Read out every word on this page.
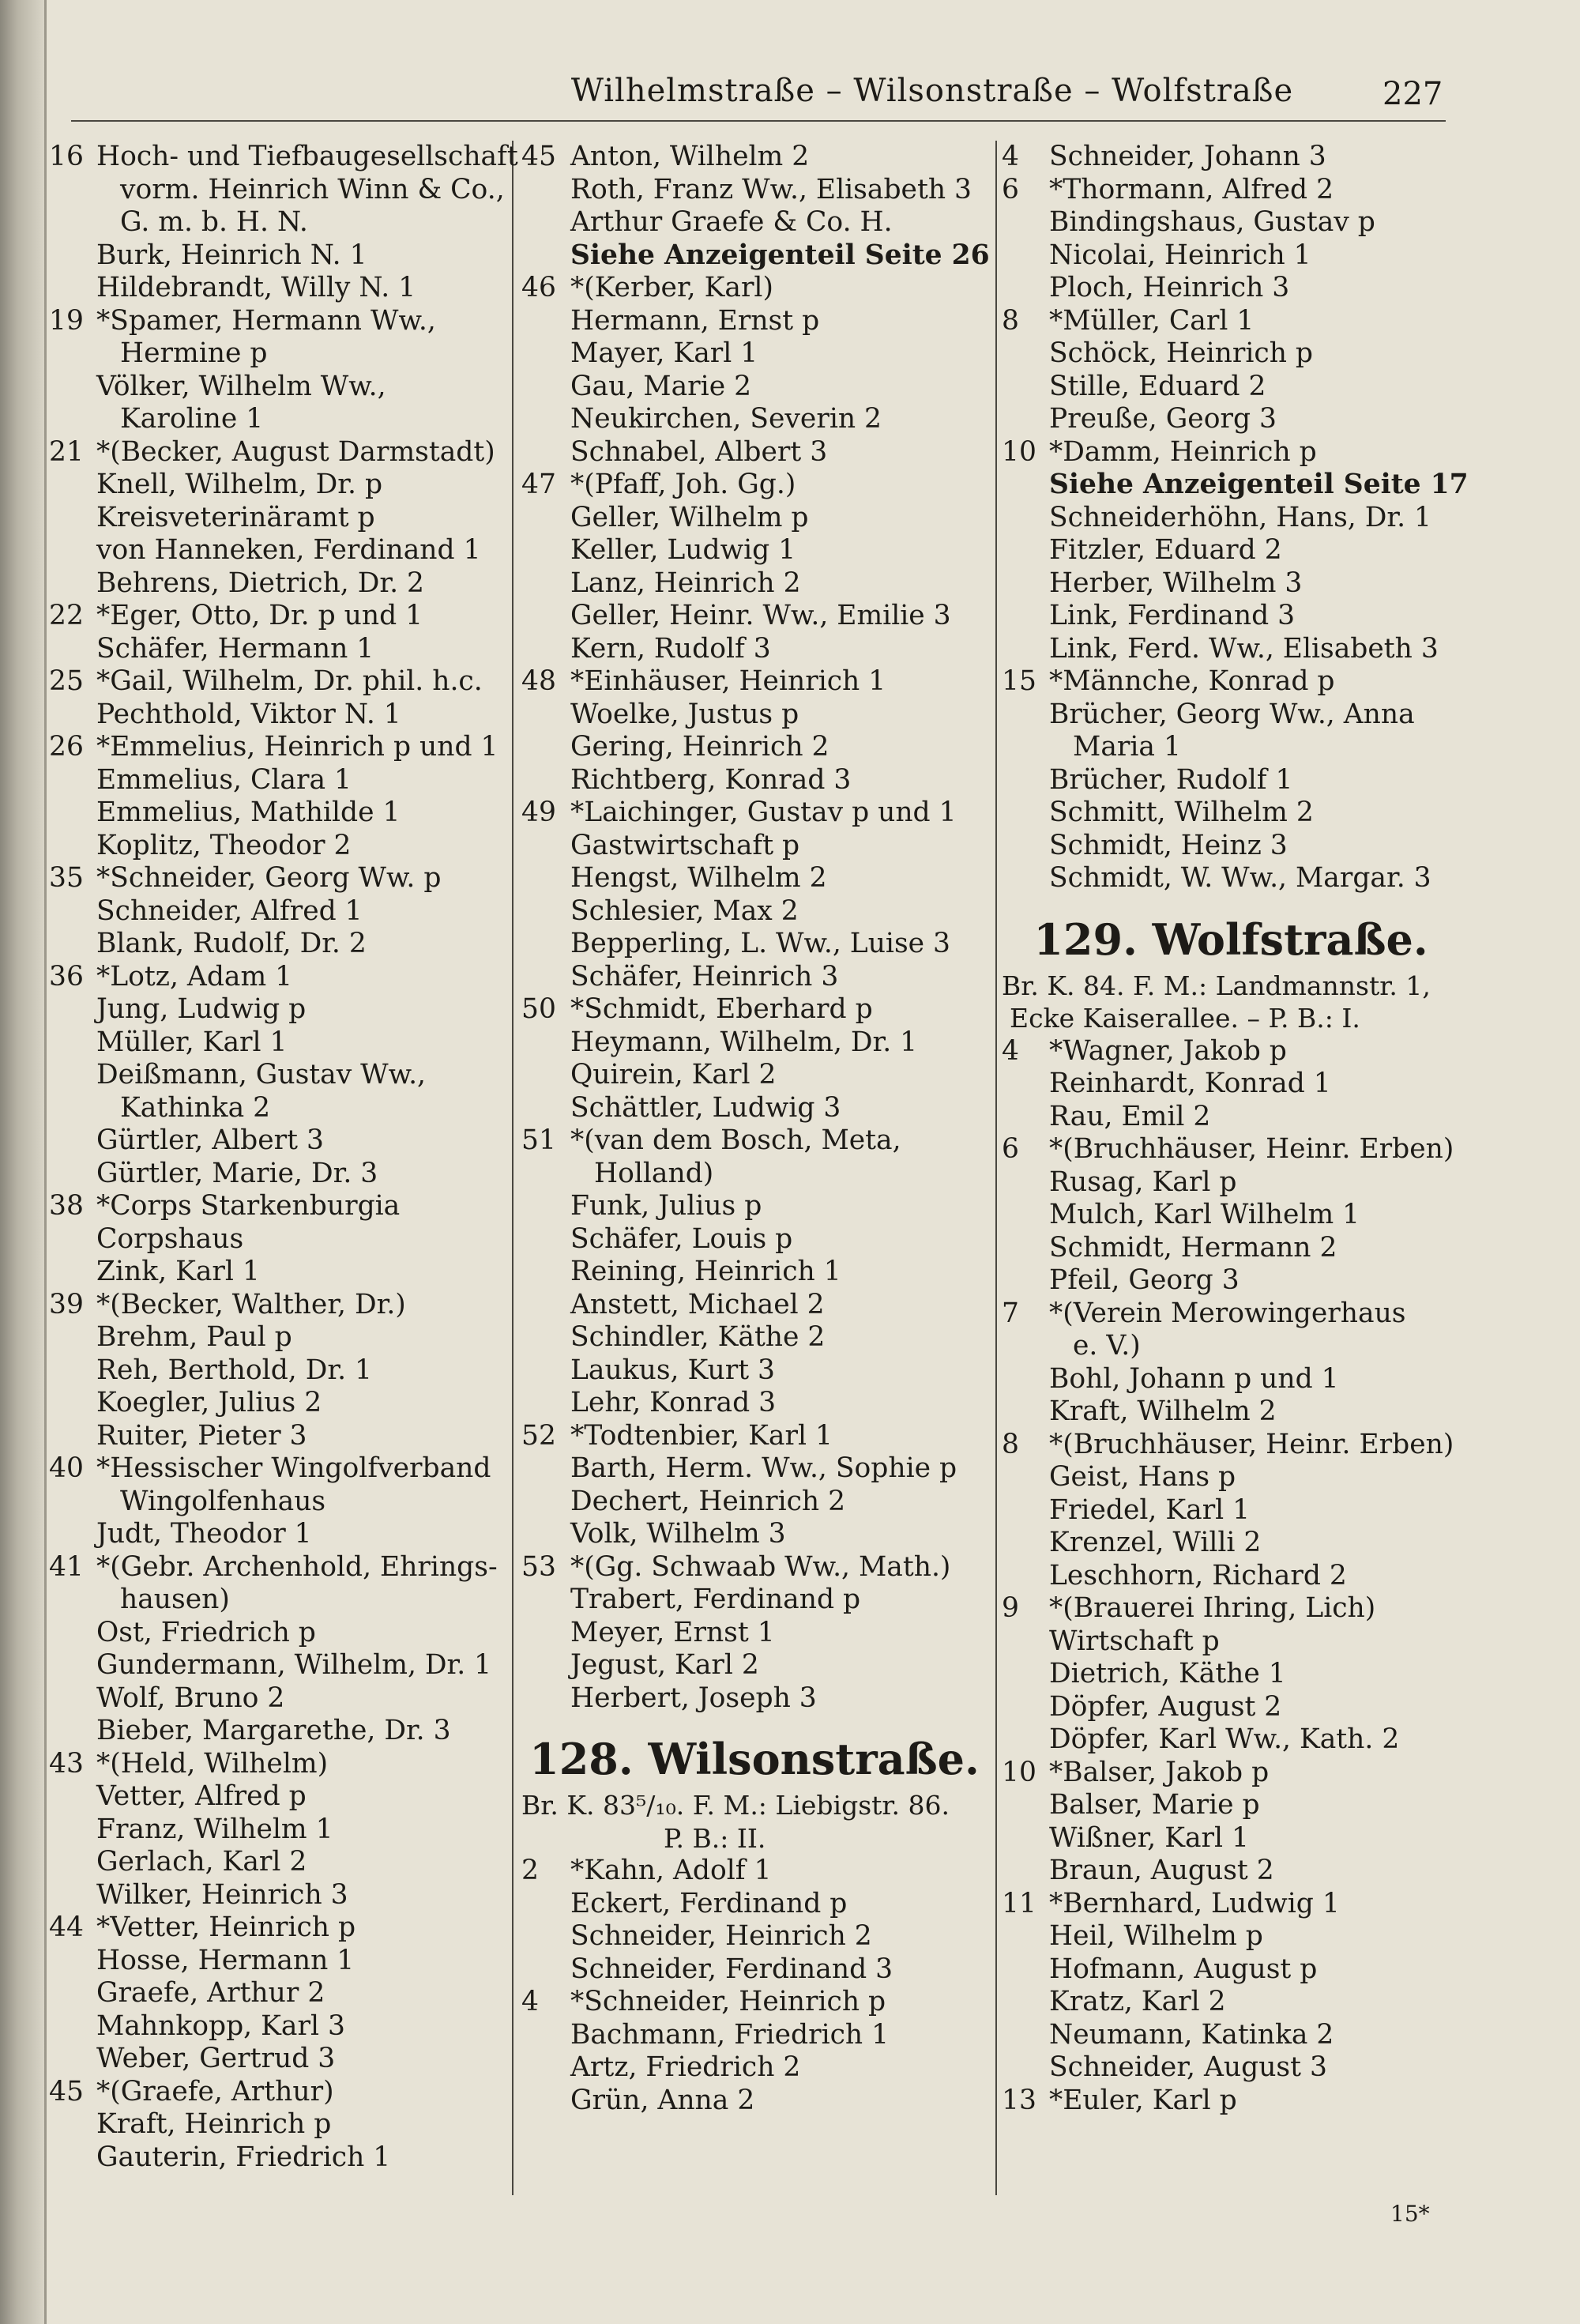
Wilhelmstraße – Wilsonstraße – Wolfstraße	227
16 Hoch- und Tiefbaugesellschaft
vorm. Heinrich Winn & Co.,
G. m. b. H. N.
Burk, Heinrich N. 1
Hildebrandt, Willy N. 1
19 *Spamer, Hermann Ww.,
Hermine p
Völker, Wilhelm Ww.,
Karoline 1
21 *(Becker, August Darmstadt)
Knell, Wilhelm, Dr. p
Kreisveterinäramt p
von Hanneken, Ferdinand 1
Behrens, Dietrich, Dr. 2
22 *Eger, Otto, Dr. p und 1
Schäfer, Hermann 1
25 *Gail, Wilhelm, Dr. phil. h.c.
Pechthold, Viktor N. 1
26 *Emmelius, Heinrich p und 1
Emmelius, Clara 1
Emmelius, Mathilde 1
Koplitz, Theodor 2
35 *Schneider, Georg Ww. p
Schneider, Alfred 1
Blank, Rudolf, Dr. 2
36 *Lotz, Adam 1
Jung, Ludwig p
Müller, Karl 1
Deißmann, Gustav Ww.,
Kathinka 2
Gürtler, Albert 3
Gürtler, Marie, Dr. 3
38 *Corps Starkenburgia
Corpshaus
Zink, Karl 1
39 *(Becker, Walther, Dr.)
Brehm, Paul p
Reh, Berthold, Dr. 1
Koegler, Julius 2
Ruiter, Pieter 3
40 *Hessischer Wingolfverband
Wingolfenhaus
Judt, Theodor 1
41 *(Gebr. Archenhold, Ehrings-
hausen)
Ost, Friedrich p
Gundermann, Wilhelm, Dr. 1
Wolf, Bruno 2
Bieber, Margarethe, Dr. 3
43 *(Held, Wilhelm)
Vetter, Alfred p
Franz, Wilhelm 1
Gerlach, Karl 2
Wilker, Heinrich 3
44 *Vetter, Heinrich p
Hosse, Hermann 1
Graefe, Arthur 2
Mahnkopp, Karl 3
Weber, Gertrud 3
45 *(Graefe, Arthur)
Kraft, Heinrich p
Gauterin, Friedrich 1
45 Anton, Wilhelm 2
Roth, Franz Ww., Elisabeth 3
Arthur Graefe & Co. H.
Siehe Anzeigenteil Seite 26
46 *(Kerber, Karl)
Hermann, Ernst p
Mayer, Karl 1
Gau, Marie 2
Neukirchen, Severin 2
Schnabel, Albert 3
47 *(Pfaff, Joh. Gg.)
Geller, Wilhelm p
Keller, Ludwig 1
Lanz, Heinrich 2
Geller, Heinr. Ww., Emilie 3
Kern, Rudolf 3
48 *Einhäuser, Heinrich 1
Woelke, Justus p
Gering, Heinrich 2
Richtberg, Konrad 3
49 *Laichinger, Gustav p und 1
Gastwirtschaft p
Hengst, Wilhelm 2
Schlesier, Max 2
Bepperling, L. Ww., Luise 3
Schäfer, Heinrich 3
50 *Schmidt, Eberhard p
Heymann, Wilhelm, Dr. 1
Quirein, Karl 2
Schättler, Ludwig 3
51 *(van dem Bosch, Meta,
Holland)
Funk, Julius p
Schäfer, Louis p
Reining, Heinrich 1
Anstett, Michael 2
Schindler, Käthe 2
Laukus, Kurt 3
Lehr, Konrad 3
52 *Todtenbier, Karl 1
Barth, Herm. Ww., Sophie p
Dechert, Heinrich 2
Volk, Wilhelm 3
53 *(Gg. Schwaab Ww., Math.)
Trabert, Ferdinand p
Meyer, Ernst 1
Jegust, Karl 2
Herbert, Joseph 3
128. Wilsonstraße.
Br. K. 83⁵/₁₀. F. M.: Liebigstr. 86.
P. B.: II.
2	*Kahn, Adolf 1
Eckert, Ferdinand p
Schneider, Heinrich 2
Schneider, Ferdinand 3
4	*Schneider, Heinrich p
Bachmann, Friedrich 1
Artz, Friedrich 2
Grün, Anna 2
4	Schneider, Johann 3
6	*Thormann, Alfred 2
Bindingshaus, Gustav p
Nicolai, Heinrich 1
Ploch, Heinrich 3
8	*Müller, Carl 1
Schöck, Heinrich p
Stille, Eduard 2
Preuße, Georg 3
10 *Damm, Heinrich p
Siehe Anzeigenteil Seite 17
Schneiderhöhn, Hans, Dr. 1
Fitzler, Eduard 2
Herber, Wilhelm 3
Link, Ferdinand 3
Link, Ferd. Ww., Elisabeth 3
15 *Männche, Konrad p
Brücher, Georg Ww., Anna
Maria 1
Brücher, Rudolf 1
Schmitt, Wilhelm 2
Schmidt, Heinz 3
Schmidt, W. Ww., Margar. 3
129. Wolfstraße.
Br. K. 84. F. M.: Landmannstr. 1,
Ecke Kaiserallee. – P. B.: I.
4	*Wagner, Jakob p
Reinhardt, Konrad 1
Rau, Emil 2
6	*(Bruchhäuser, Heinr. Erben)
Rusag, Karl p
Mulch, Karl Wilhelm 1
Schmidt, Hermann 2
Pfeil, Georg 3
7	*(Verein Merowingerhaus
e. V.)
Bohl, Johann p und 1
Kraft, Wilhelm 2
8	*(Bruchhäuser, Heinr. Erben)
Geist, Hans p
Friedel, Karl 1
Krenzel, Willi 2
Leschhorn, Richard 2
9	*(Brauerei Ihring, Lich)
Wirtschaft p
Dietrich, Käthe 1
Döpfer, August 2
Döpfer, Karl Ww., Kath. 2
10 *Balser, Jakob p
Balser, Marie p
Wißner, Karl 1
Braun, August 2
11 *Bernhard, Ludwig 1
Heil, Wilhelm p
Hofmann, August p
Kratz, Karl 2
Neumann, Katinka 2
Schneider, August 3
13 *Euler, Karl p
15*
